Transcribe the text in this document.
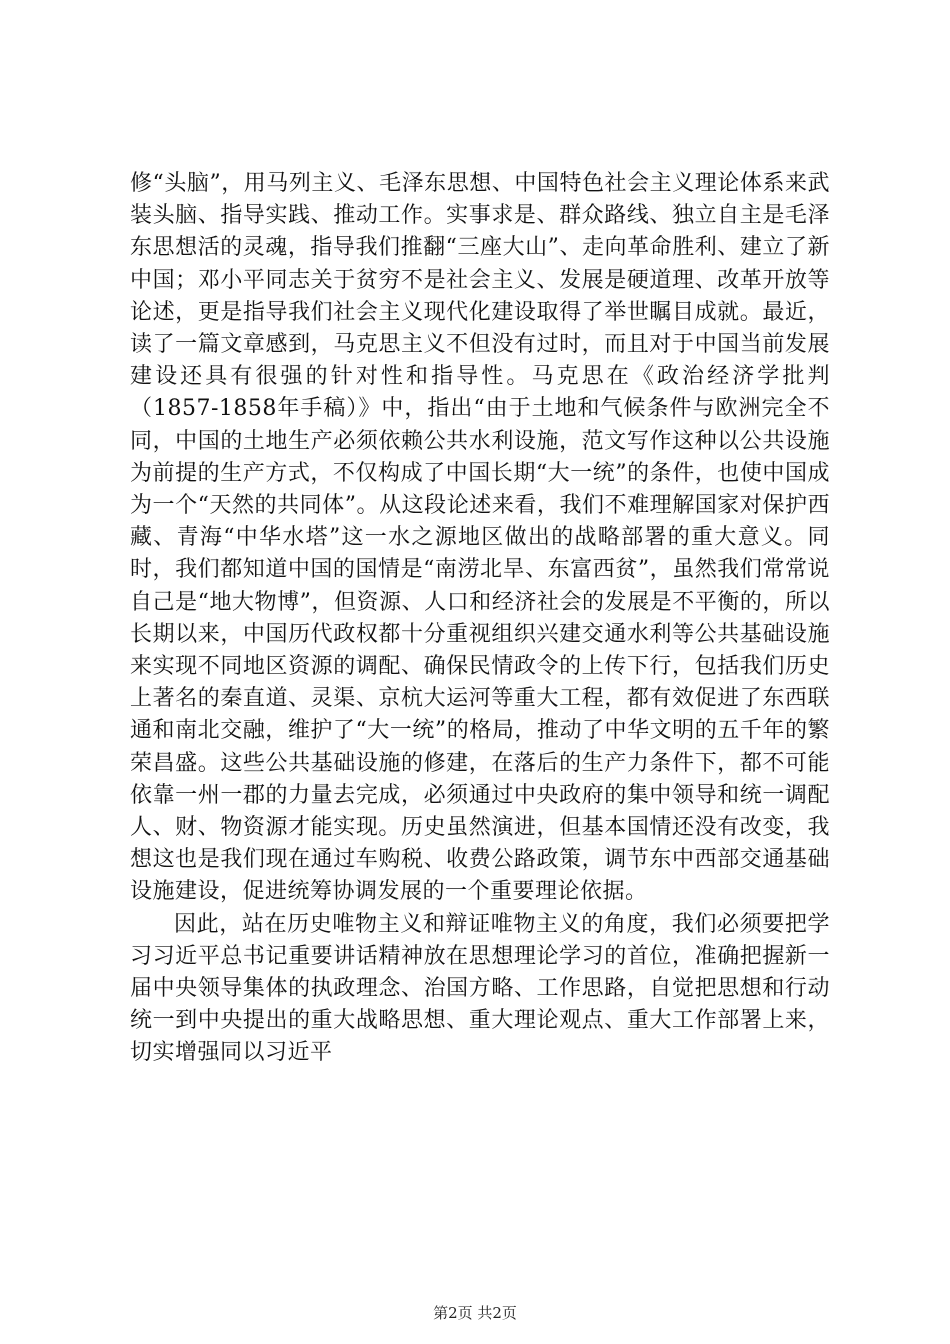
修“头脑”，用马列主义、毛泽东思想、中国特色社会主义理论体系来武装头脑、指导实践、推动工作。实事求是、群众路线、独立自主是毛泽东思想活的灵魂，指导我们推翻“三座大山”、走向革命胜利、建立了新中国；邓小平同志关于贫穷不是社会主义、发展是硬道理、改革开放等论述，更是指导我们社会主义现代化建设取得了举世瞩目成就。最近，读了一篇文章感到，马克思主义不但没有过时，而且对于中国当前发展建设还具有很强的针对性和指导性。马克思在《政治经济学批判（1857-1858年手稿）》中，指出“由于土地和气候条件与欧洲完全不同，中国的土地生产必须依赖公共水利设施，范文写作这种以公共设施为前提的生产方式，不仅构成了中国长期“大一统”的条件，也使中国成为一个“天然的共同体”。从这段论述来看，我们不难理解国家对保护西藏、青海“中华水塔”这一水之源地区做出的战略部署的重大意义。同时，我们都知道中国的国情是“南涝北旱、东富西贫”，虽然我们常常说自己是“地大物博”，但资源、人口和经济社会的发展是不平衡的，所以长期以来，中国历代政权都十分重视组织兴建交通水利等公共基础设施来实现不同地区资源的调配、确保民情政令的上传下行，包括我们历史上著名的秦直道、灵渠、京杭大运河等重大工程，都有效促进了东西联通和南北交融，维护了“大一统”的格局，推动了中华文明的五千年的繁荣昌盛。这些公共基础设施的修建，在落后的生产力条件下，都不可能依靠一州一郡的力量去完成，必须通过中央政府的集中领导和统一调配人、财、物资源才能实现。历史虽然演进，但基本国情还没有改变，我想这也是我们现在通过车购税、收费公路政策，调节东中西部交通基础设施建设，促进统筹协调发展的一个重要理论依据。

因此，站在历史唯物主义和辩证唯物主义的角度，我们必须要把学习习近平总书记重要讲话精神放在思想理论学习的首位，准确把握新一届中央领导集体的执政理念、治国方略、工作思路，自觉把思想和行动统一到中央提出的重大战略思想、重大理论观点、重大工作部署上来，切实增强同以习近平

第2页 共2页
